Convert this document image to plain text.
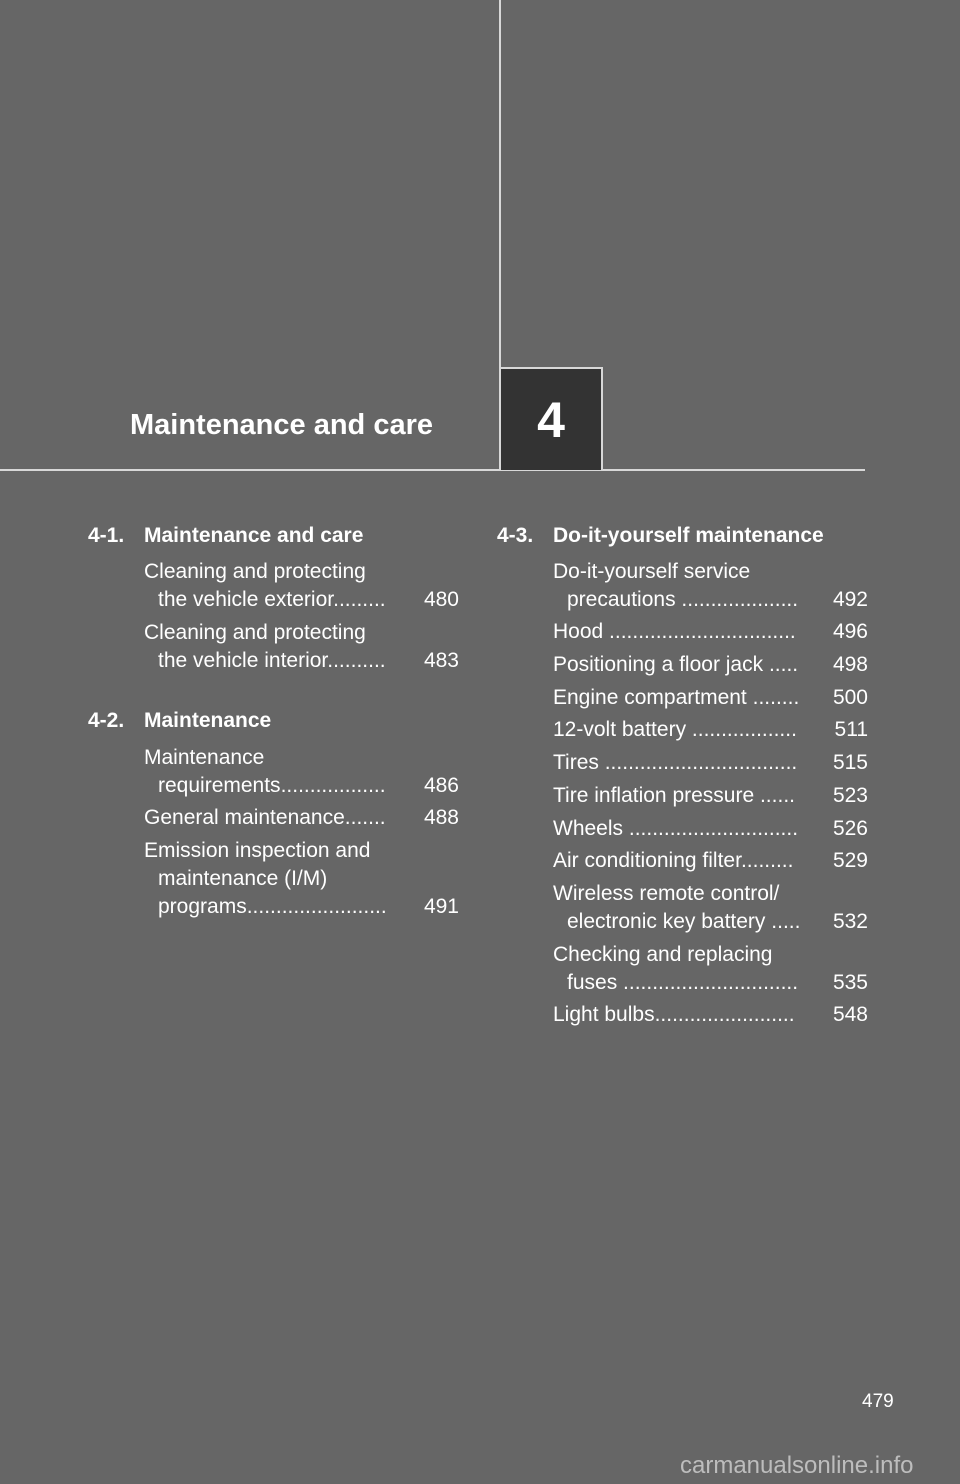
Maintenance and care 4
4-1. Maintenance and care
Cleaning and protecting
the vehicle exterior......... 480
Cleaning and protecting
the vehicle interior.......... 483
4-2. Maintenance
Maintenance
requirements.................. 486
General maintenance....... 488
Emission inspection and
maintenance (I/M)
programs........................ 491
4-3. Do-it-yourself maintenance
Do-it-yourself service
precautions .................... 492
Hood ................................ 496
Positioning a floor jack ..... 498
Engine compartment ........ 500
12-volt battery .................. 511
Tires ................................. 515
Tire inflation pressure ...... 523
Wheels ............................. 526
Air conditioning filter......... 529
Wireless remote control/
electronic key battery ..... 532
Checking and replacing
fuses .............................. 535
Light bulbs........................ 548
479
carmanualsonline.info
